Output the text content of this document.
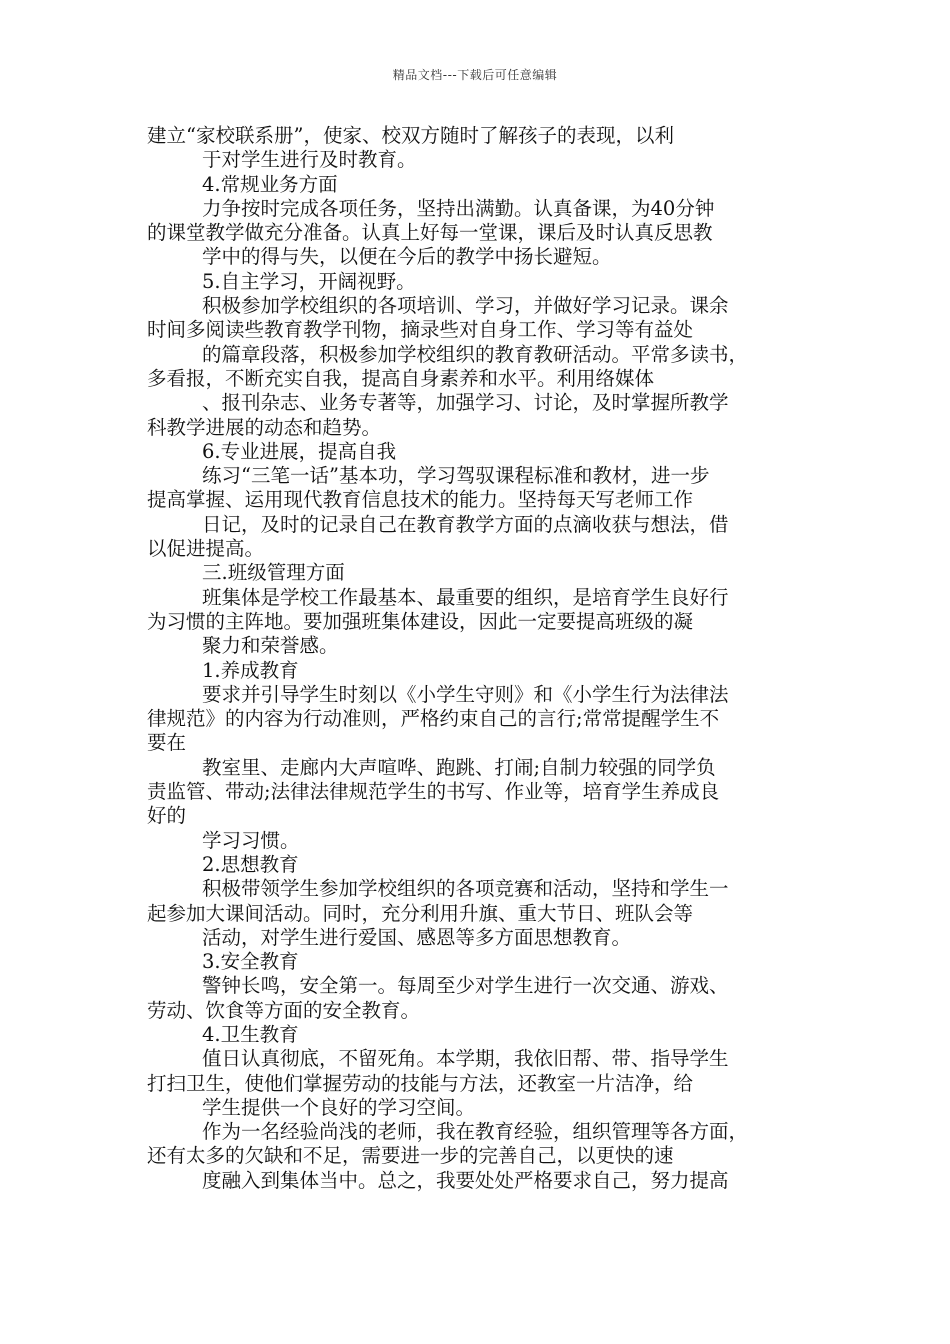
精品文档---下载后可任意编辑
建立“家校联系册”，使家、校双方随时了解孩子的表现，以利
于对学生进行及时教育。
4.常规业务方面
力争按时完成各项任务，坚持出满勤。认真备课，为40分钟
的课堂教学做充分准备。认真上好每一堂课，课后及时认真反思教
学中的得与失，以便在今后的教学中扬长避短。
5.自主学习，开阔视野。
积极参加学校组织的各项培训、学习，并做好学习记录。课余
时间多阅读些教育教学刊物，摘录些对自身工作、学习等有益处
的篇章段落，积极参加学校组织的教育教研活动。平常多读书，
多看报，不断充实自我，提高自身素养和水平。利用络媒体
、报刊杂志、业务专著等，加强学习、讨论，及时掌握所教学
科教学进展的动态和趋势。
6.专业进展，提高自我
练习“三笔一话”基本功，学习驾驭课程标准和教材，进一步
提高掌握、运用现代教育信息技术的能力。坚持每天写老师工作
日记，及时的记录自己在教育教学方面的点滴收获与想法，借
以促进提高。
三.班级管理方面
班集体是学校工作最基本、最重要的组织，是培育学生良好行
为习惯的主阵地。要加强班集体建设，因此一定要提高班级的凝
聚力和荣誉感。
1.养成教育
要求并引导学生时刻以《小学生守则》和《小学生行为法律法
律规范》的内容为行动准则，严格约束自己的言行;常常提醒学生不
要在
教室里、走廊内大声喧哗、跑跳、打闹;自制力较强的同学负
责监管、带动;法律法律规范学生的书写、作业等，培育学生养成良
好的
学习习惯。
2.思想教育
积极带领学生参加学校组织的各项竞赛和活动，坚持和学生一
起参加大课间活动。同时，充分利用升旗、重大节日、班队会等
活动，对学生进行爱国、感恩等多方面思想教育。
3.安全教育
警钟长鸣，安全第一。每周至少对学生进行一次交通、游戏、
劳动、饮食等方面的安全教育。
4.卫生教育
值日认真彻底，不留死角。本学期，我依旧帮、带、指导学生
打扫卫生，使他们掌握劳动的技能与方法，还教室一片洁净，给
学生提供一个良好的学习空间。
作为一名经验尚浅的老师，我在教育经验，组织管理等各方面，
还有太多的欠缺和不足，需要进一步的完善自己，以更快的速
度融入到集体当中。总之，我要处处严格要求自己，努力提高
